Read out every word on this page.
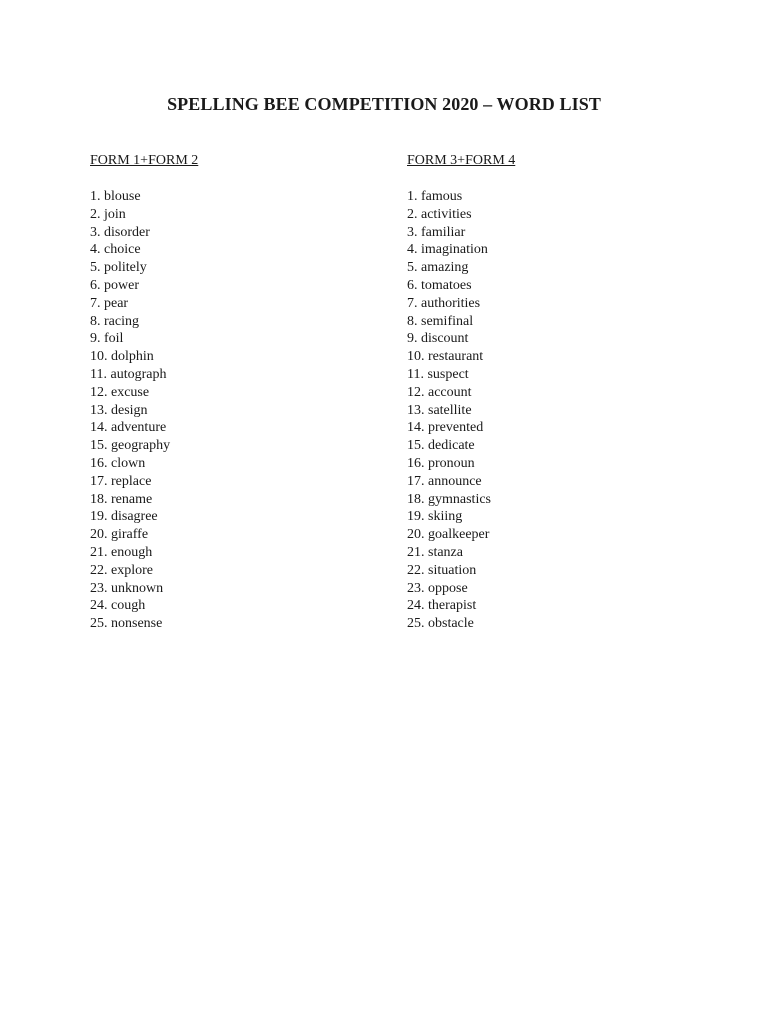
SPELLING BEE COMPETITION 2020 – WORD LIST
FORM 1+FORM 2
1. blouse
2. join
3. disorder
4. choice
5. politely
6. power
7. pear
8. racing
9. foil
10. dolphin
11. autograph
12. excuse
13. design
14. adventure
15. geography
16. clown
17. replace
18. rename
19. disagree
20. giraffe
21. enough
22. explore
23. unknown
24. cough
25. nonsense
FORM 3+FORM 4
1. famous
2. activities
3. familiar
4. imagination
5. amazing
6. tomatoes
7. authorities
8. semifinal
9. discount
10. restaurant
11. suspect
12. account
13. satellite
14. prevented
15. dedicate
16. pronoun
17. announce
18. gymnastics
19. skiing
20. goalkeeper
21. stanza
22. situation
23. oppose
24. therapist
25. obstacle
